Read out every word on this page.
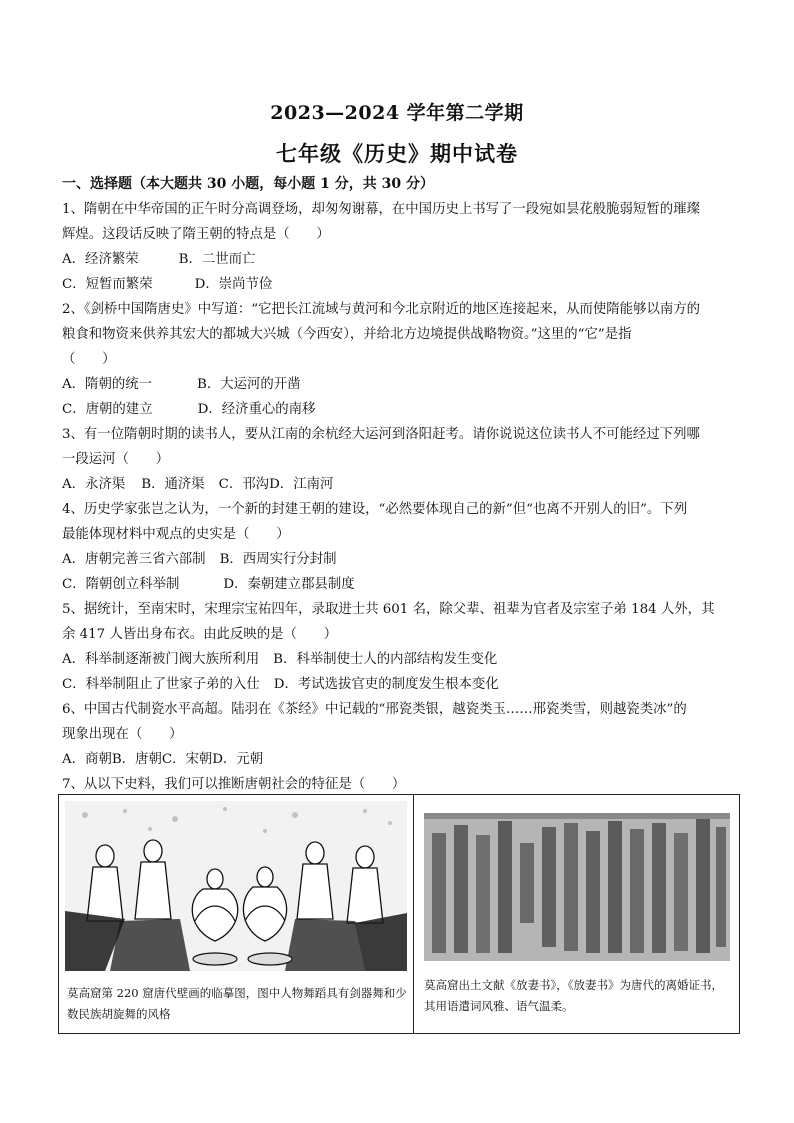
2023—2024 学年第二学期
七年级《历史》期中试卷
一、选择题（本大题共 30 小题，每小题 1 分，共 30 分）
1、隋朝在中华帝国的正午时分高调登场，却匆匆谢幕，在中国历史上书写了一段宛如昙花般脆弱短暂的璀璨
辉煌。这段话反映了隋王朝的特点是（　　）
A．经济繁荣	B．二世而亡
C．短暂而繁荣	D．崇尚节俭
2、《剑桥中国隋唐史》中写道：“它把长江流域与黄河和今北京附近的地区连接起来，从而使隋能够以南方的
粮食和物资来供养其宏大的都城大兴城（今西安），并给北方边境提供战略物资。”这里的“它”是指
（　　）
A．隋朝的统一	B．大运河的开凿
C．唐朝的建立	D．经济重心的南移
3、有一位隋朝时期的读书人，要从江南的余杭经大运河到洛阳赶考。请你说说这位读书人不可能经过下列哪
一段运河（　　）
A．永济渠 B．通济渠 C．邗沟D．江南河
4、历史学家张岂之认为，一个新的封建王朝的建设，“必然要体现自己的新”但“也离不开别人的旧”。下列
最能体现材料中观点的史实是（　　）
A．唐朝完善三省六部制 B．西周实行分封制
C．隋朝创立科举制	D．秦朝建立郡县制度
5、据统计，至南宋时，宋理宗宝祐四年，录取进士共 601 名，除父辈、祖辈为官者及宗室子弟 184 人外，其
余 417 人皆出身布衣。由此反映的是（　　）
A．科举制逐渐被门阀大族所利用 B．科举制使士人的内部结构发生变化
C．科举制阻止了世家子弟的入仕 D．考试选拔官吏的制度发生根本变化
6、中国古代制瓷水平高超。陆羽在《茶经》中记载的“邢瓷类银，越瓷类玉……邢瓷类雪，则越瓷类冰”的
现象出现在（　　）
A．商朝B．唐朝C．宋朝D．元朝
7、从以下史料，我们可以推断唐朝社会的特征是（　　）
莫高窟第 220 窟唐代壁画的临摹图，图中人物舞蹈具有剑器舞和少数民族胡旋舞的风格
莫高窟出土文献《放妻书》，《放妻书》为唐代的离婚证书，其用语遣词风雅、语气温柔。
